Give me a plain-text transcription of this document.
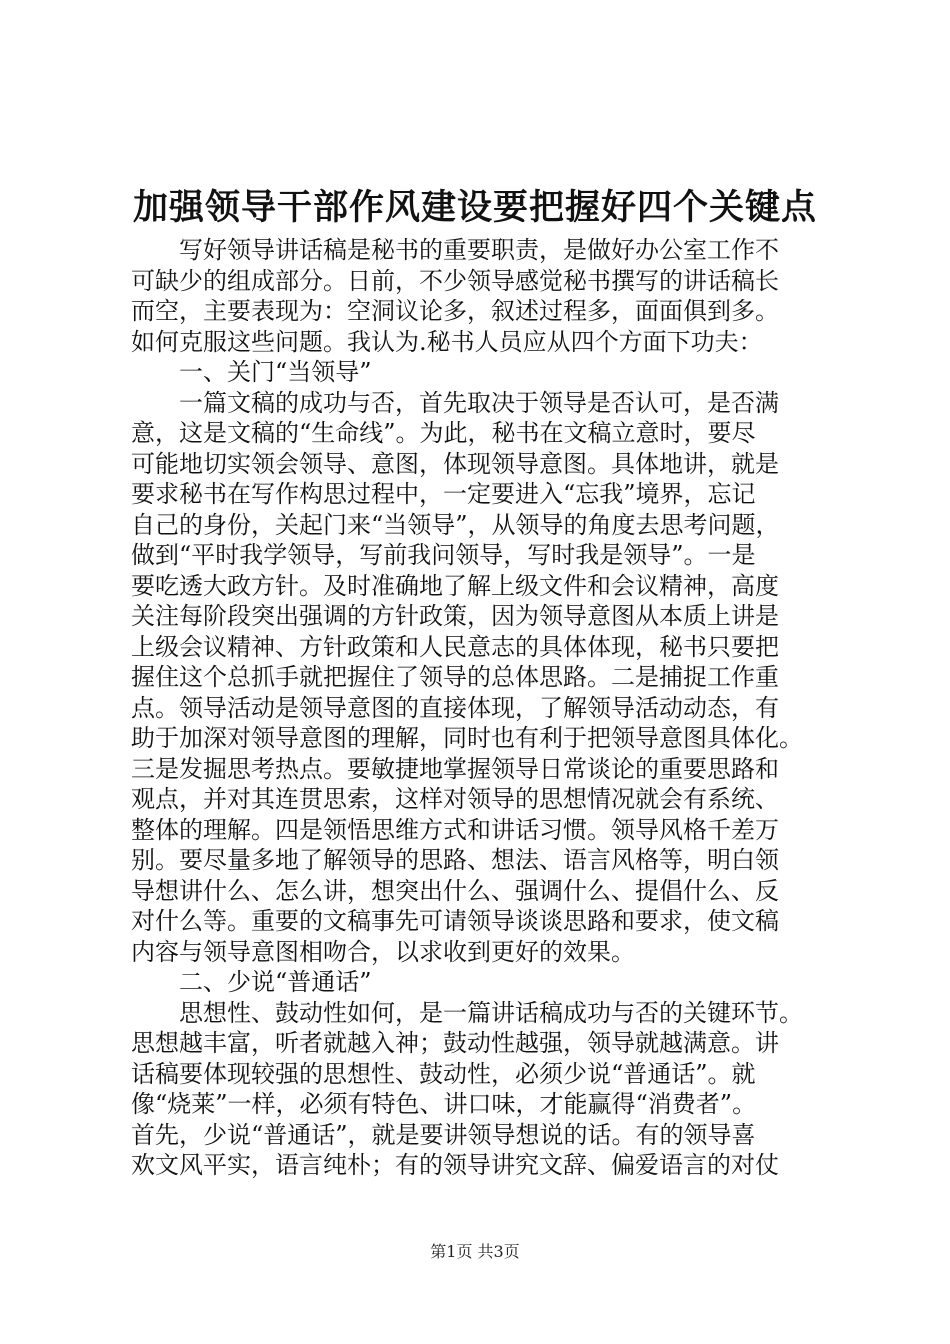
加强领导干部作风建设要把握好四个关键点
写好领导讲话稿是秘书的重要职责，是做好办公室工作不
可缺少的组成部分。日前，不少领导感觉秘书撰写的讲话稿长
而空，主要表现为：空洞议论多，叙述过程多，面面俱到多。
如何克服这些问题。我认为.秘书人员应从四个方面下功夫：
一、关门“当领导”
一篇文稿的成功与否，首先取决于领导是否认可，是否满
意，这是文稿的“生命线”。为此，秘书在文稿立意时，要尽
可能地切实领会领导、意图，体现领导意图。具体地讲，就是
要求秘书在写作构思过程中，一定要进入“忘我”境界，忘记
自己的身份，关起门来“当领导”，从领导的角度去思考问题，
做到“平时我学领导，写前我问领导，写时我是领导”。一是
要吃透大政方针。及时准确地了解上级文件和会议精神，高度
关注每阶段突出强调的方针政策，因为领导意图从本质上讲是
上级会议精神、方针政策和人民意志的具体体现，秘书只要把
握住这个总抓手就把握住了领导的总体思路。二是捕捉工作重
点。领导活动是领导意图的直接体现，了解领导活动动态，有
助于加深对领导意图的理解，同时也有利于把领导意图具体化。
三是发掘思考热点。要敏捷地掌握领导日常谈论的重要思路和
观点，并对其连贯思索，这样对领导的思想情况就会有系统、
整体的理解。四是领悟思维方式和讲话习惯。领导风格千差万
别。要尽量多地了解领导的思路、想法、语言风格等，明白领
导想讲什么、怎么讲，想突出什么、强调什么、提倡什么、反
对什么等。重要的文稿事先可请领导谈谈思路和要求，使文稿
内容与领导意图相吻合，以求收到更好的效果。
二、少说“普通话”
思想性、鼓动性如何，是一篇讲话稿成功与否的关键环节。
思想越丰富，听者就越入神；鼓动性越强，领导就越满意。讲
话稿要体现较强的思想性、鼓动性，必须少说“普通话”。就
像“烧莱”一样，必须有特色、讲口味，才能赢得“消费者”。
首先，少说“普通话”，就是要讲领导想说的话。有的领导喜
欢文风平实，语言纯朴；有的领导讲究文辞、偏爱语言的对仗
第1页 共3页
